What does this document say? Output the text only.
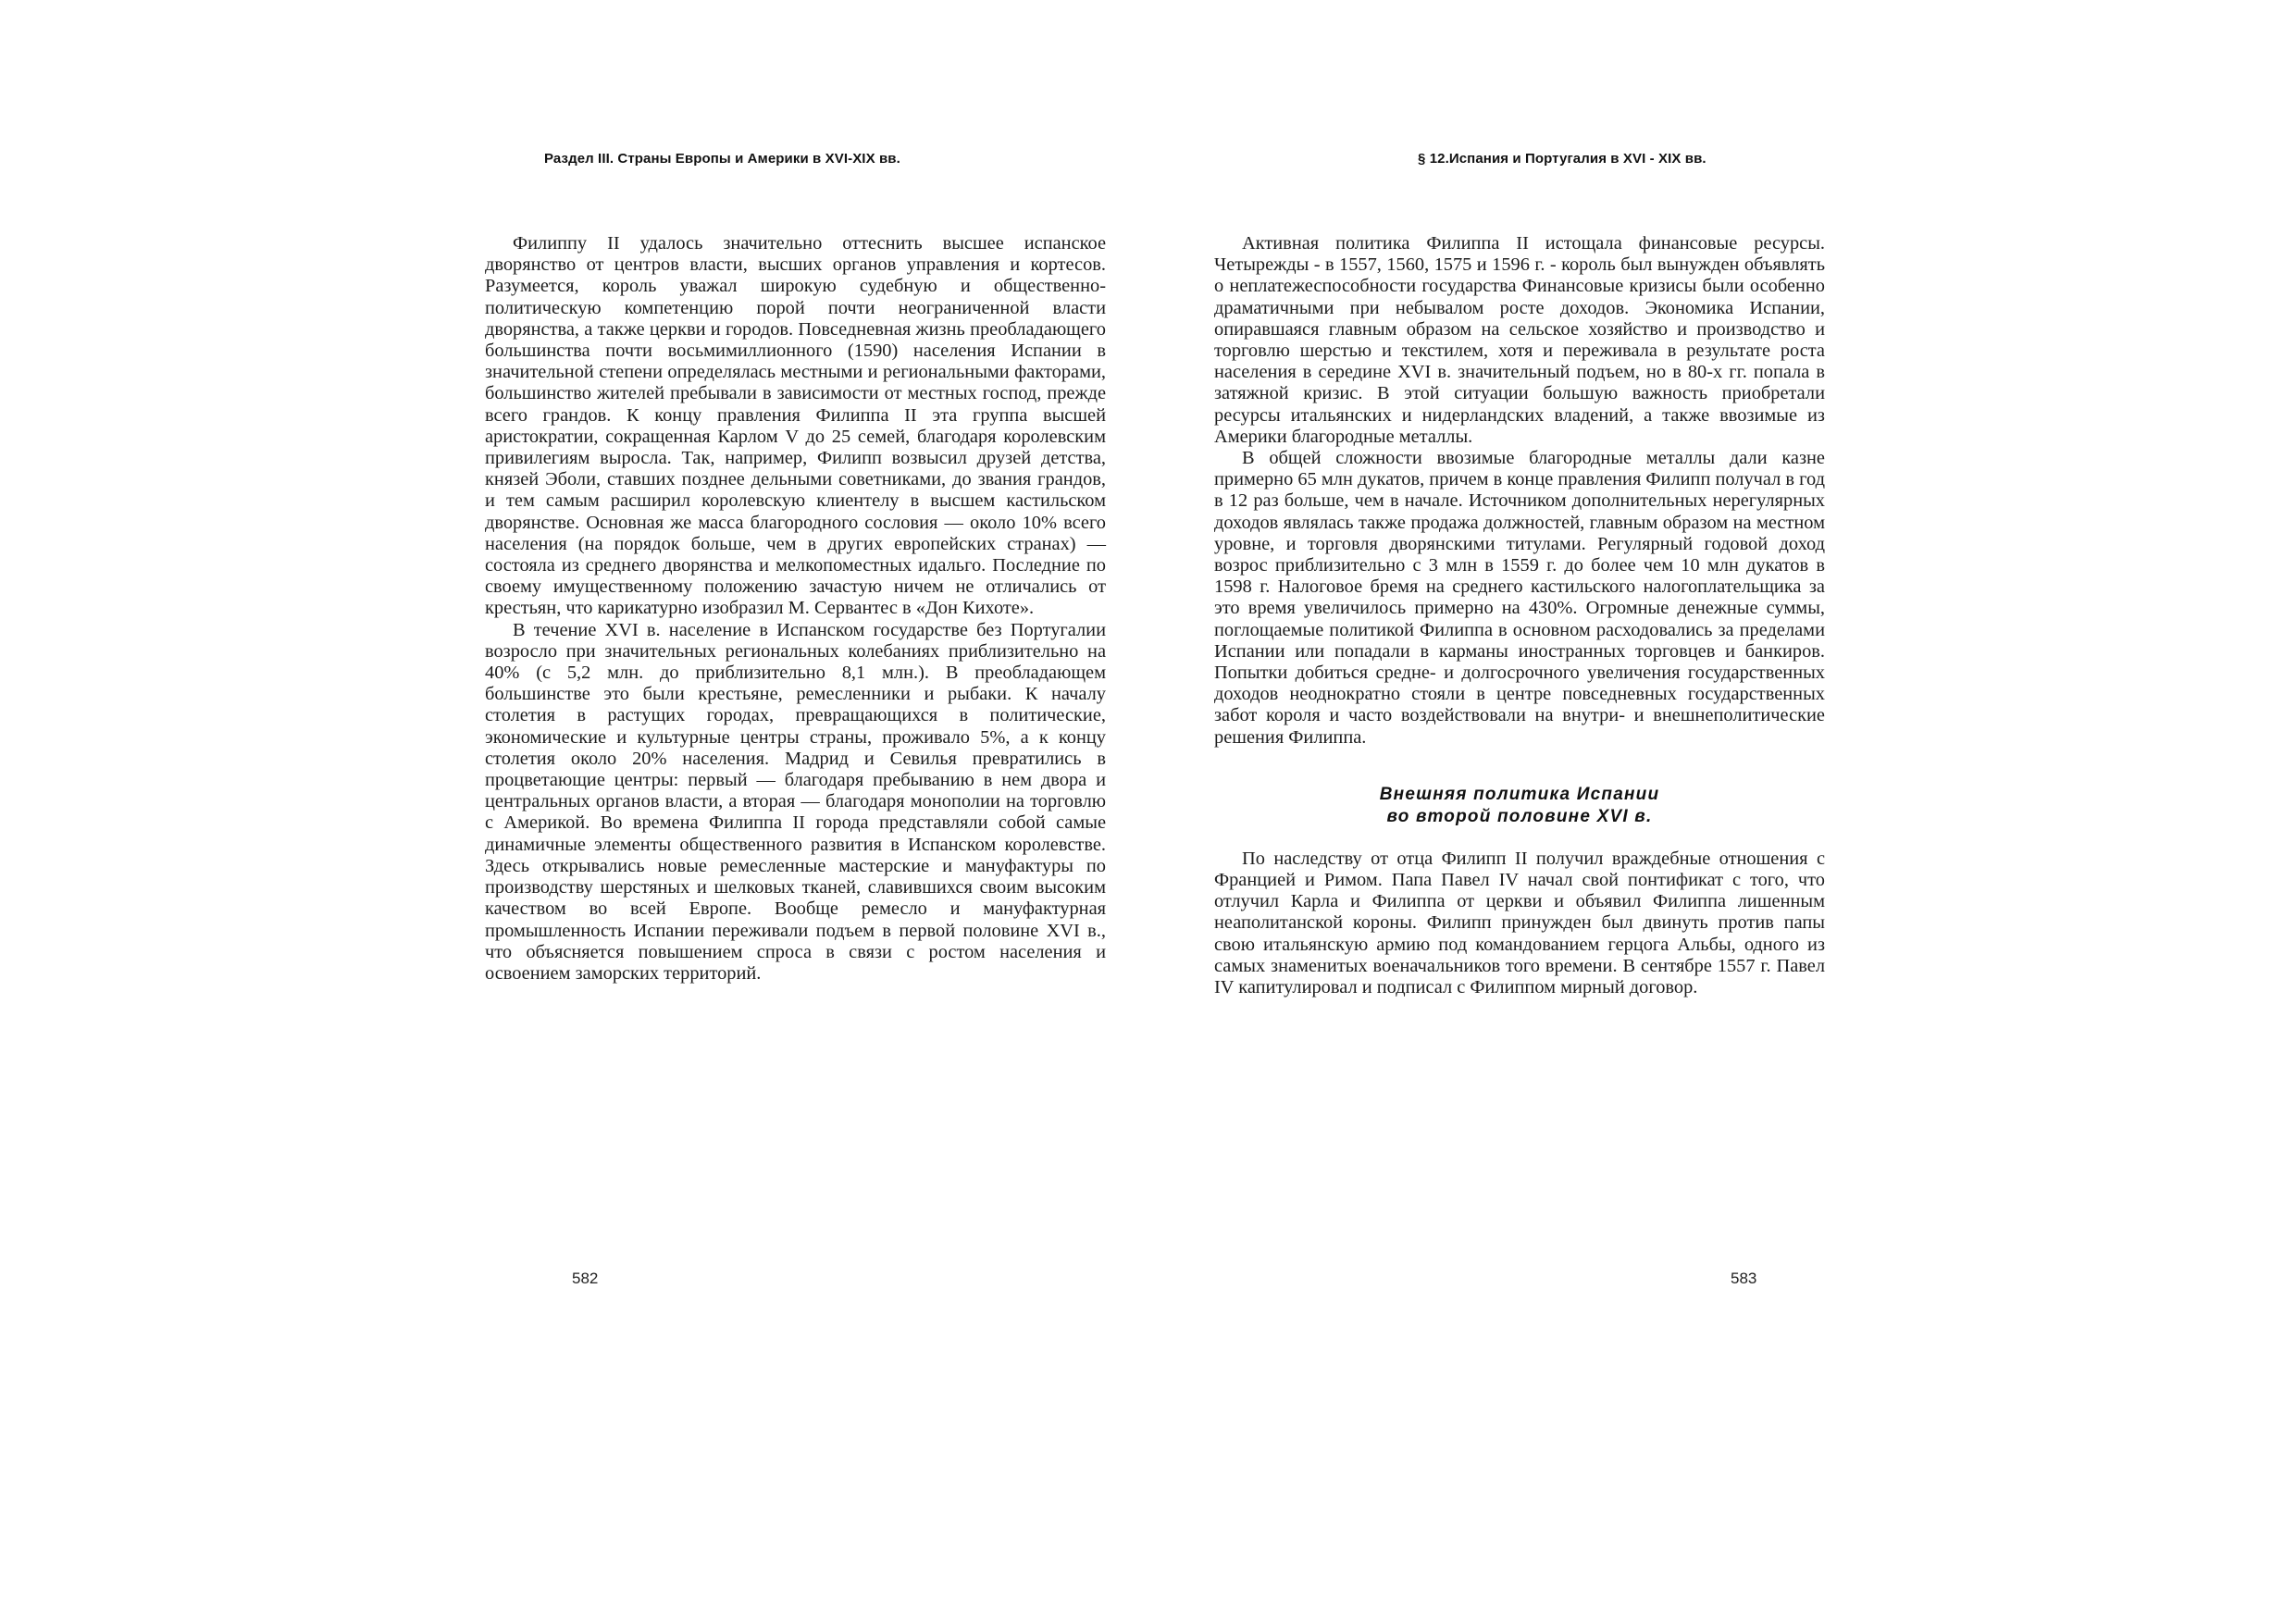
Раздел III. Страны Европы и Америки в XVI-XIX вв.

Филиппу II удалось значительно оттеснить высшее испанское дворянство от центров власти, высших органов управления и кортесов. Разумеется, король уважал широкую судебную и общественно-политическую компетенцию порой почти неограниченной власти дворянства, а также церкви и городов. Повседневная жизнь преобладающего большинства почти восьмимиллионного (1590) населения Испании в значительной степени определялась местными и региональными факторами, большинство жителей пребывали в зависимости от местных господ, прежде всего грандов. К концу правления Филиппа II эта группа высшей аристократии, сокращенная Карлом V до 25 семей, благодаря королевским привилегиям выросла. Так, например, Филипп возвысил друзей детства, князей Эболи, ставших позднее дельными советниками, до звания грандов, и тем самым расширил королевскую клиентелу в высшем кастильском дворянстве. Основная же масса благородного сословия — около 10% всего населения (на порядок больше, чем в других европейских странах) — состояла из среднего дворянства и мелкопоместных идальго. Последние по своему имущественному положению зачастую ничем не отличались от крестьян, что карикатурно изобразил М. Сервантес в «Дон Кихоте».

В течение XVI в. население в Испанском государстве без Португалии возросло при значительных региональных колебаниях приблизительно на 40% (с 5,2 млн. до приблизительно 8,1 млн.). В преобладающем большинстве это были крестьяне, ремесленники и рыбаки. К началу столетия в растущих городах, превращающихся в политические, экономические и культурные центры страны, проживало 5%, а к концу столетия около 20% населения. Мадрид и Севилья превратились в процветающие центры: первый — благодаря пребыванию в нем двора и центральных органов власти, а вторая — благодаря монополии на торговлю с Америкой. Во времена Филиппа II города представляли собой самые динамичные элементы общественного развития в Испанском королевстве. Здесь открывались новые ремесленные мастерские и мануфактуры по производству шерстяных и шелковых тканей, славившихся своим высоким качеством во всей Европе. Вообще ремесло и мануфактурная промышленность Испании переживали подъем в первой половине XVI в., что объясняется повышением спроса в связи с ростом населения и освоением заморских территорий.

582
§ 12.Испания и Португалия в XVI - XIX вв.

Активная политика Филиппа II истощала финансовые ресурсы. Четырежды - в 1557, 1560, 1575 и 1596 г. - король был вынужден объявлять о неплатежеспособности государства Финансовые кризисы были особенно драматичными при небывалом росте доходов. Экономика Испании, опиравшаяся главным образом на сельское хозяйство и производство и торговлю шерстью и текстилем, хотя и переживала в результате роста населения в середине XVI в. значительный подъем, но в 80-х гг. попала в затяжной кризис. В этой ситуации большую важность приобретали ресурсы итальянских и нидерландских владений, а также ввозимые из Америки благородные металлы.

В общей сложности ввозимые благородные металлы дали казне примерно 65 млн дукатов, причем в конце правления Филипп получал в год в 12 раз больше, чем в начале. Источником дополнительных нерегулярных доходов являлась также продажа должностей, главным образом на местном уровне, и торговля дворянскими титулами. Регулярный годовой доход возрос приблизительно с 3 млн в 1559 г. до более чем 10 млн дукатов в 1598 г. Налоговое бремя на среднего кастильского налогоплательщика за это время увеличилось примерно на 430%. Огромные денежные суммы, поглощаемые политикой Филиппа в основном расходовались за пределами Испании или попадали в карманы иностранных торговцев и банкиров. Попытки добиться средне- и долгосрочного увеличения государственных доходов неоднократно стояли в центре повседневных государственных забот короля и часто воздействовали на внутри- и внешнеполитические решения Филиппа.

Внешняя политика Испании
во второй половине XVI в.

По наследству от отца Филипп II получил враждебные отношения с Францией и Римом. Папа Павел IV начал свой понтификат с того, что отлучил Карла и Филиппа от церкви и объявил Филиппа лишенным неаполитанской короны. Филипп принужден был двинуть против папы свою итальянскую армию под командованием герцога Альбы, одного из самых знаменитых военачальников того времени. В сентябре 1557 г. Павел IV капитулировал и подписал с Филиппом мирный договор.

583
